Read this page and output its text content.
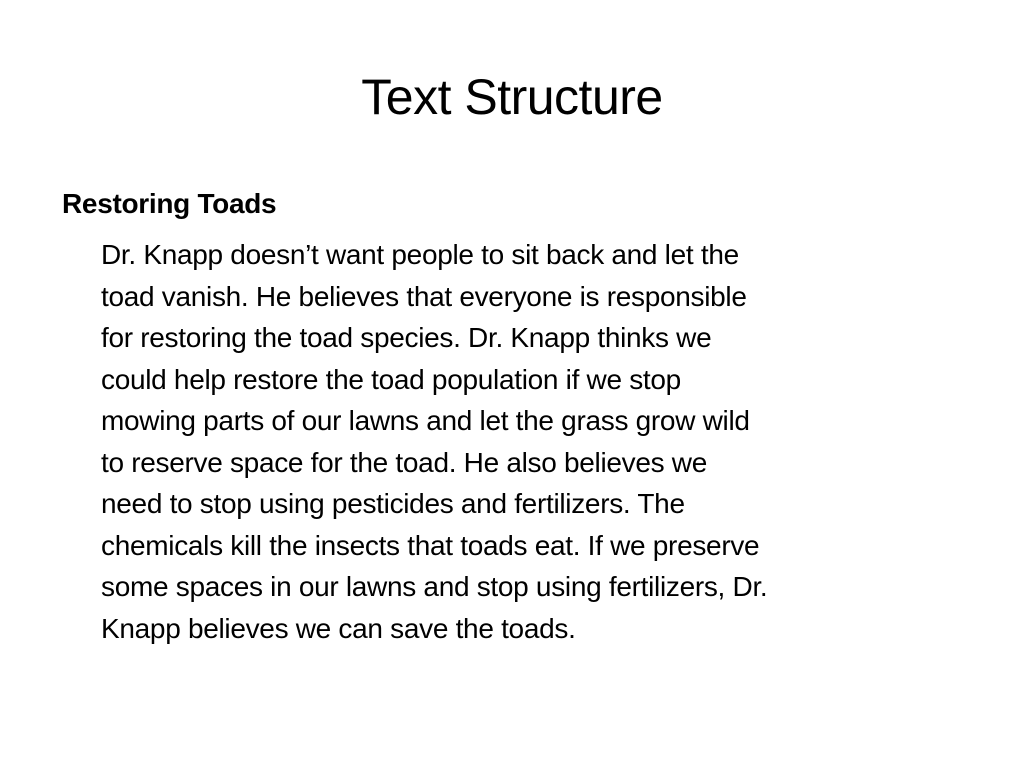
Text Structure
Restoring Toads
Dr. Knapp doesn’t want people to sit back and let the
toad vanish. He believes that everyone is responsible
for restoring the toad species. Dr. Knapp thinks we
could help restore the toad population if we stop
mowing parts of our lawns and let the grass grow wild
to reserve space for the toad. He also believes we
need to stop using pesticides and fertilizers. The
chemicals kill the insects that toads eat. If we preserve
some spaces in our lawns and stop using fertilizers, Dr.
Knapp believes we can save the toads.
